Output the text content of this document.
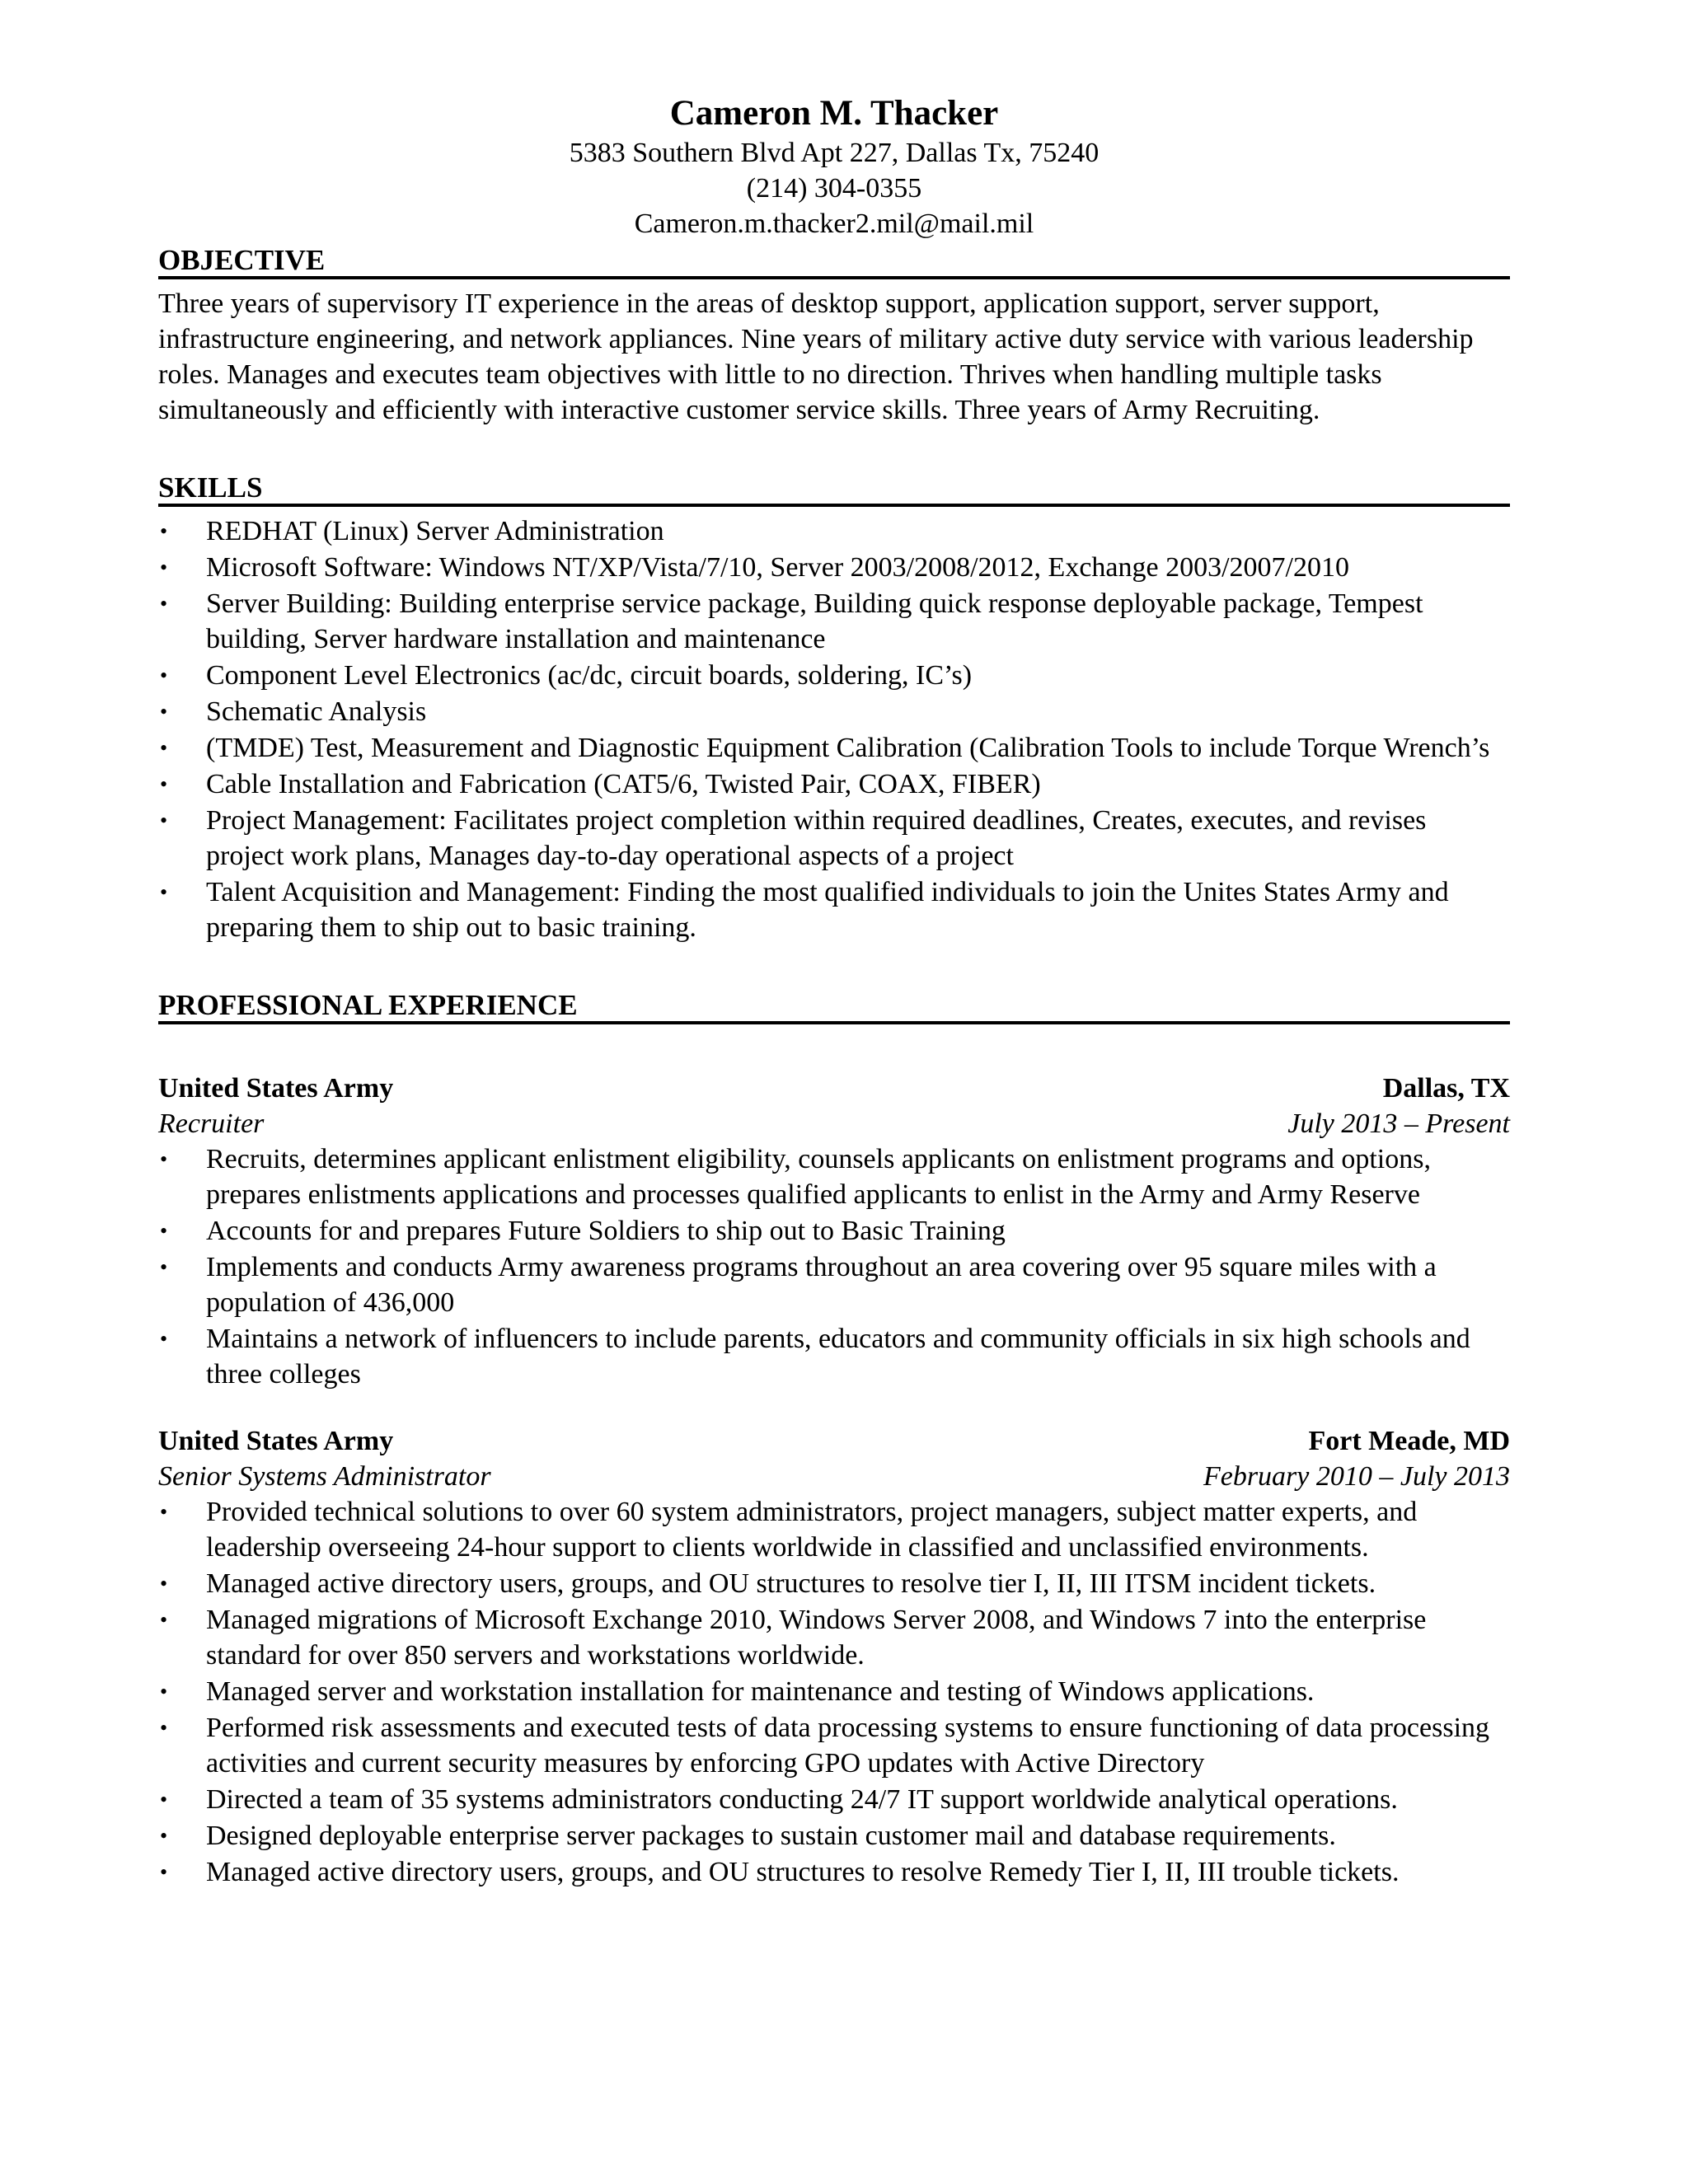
Cameron M. Thacker
5383 Southern Blvd Apt 227, Dallas Tx, 75240
(214) 304-0355
Cameron.m.thacker2.mil@mail.mil
OBJECTIVE

Three years of supervisory IT experience in the areas of desktop support, application support, server support, infrastructure engineering, and network appliances. Nine years of military active duty service with various leadership roles. Manages and executes team objectives with little to no direction. Thrives when handling multiple tasks simultaneously and efficiently with interactive customer service skills. Three years of Army Recruiting.

SKILLS
• REDHAT (Linux) Server Administration
• Microsoft Software: Windows NT/XP/Vista/7/10, Server 2003/2008/2012, Exchange 2003/2007/2010
• Server Building: Building enterprise service package, Building quick response deployable package, Tempest building, Server hardware installation and maintenance
• Component Level Electronics (ac/dc, circuit boards, soldering, IC’s)
• Schematic Analysis
• (TMDE) Test, Measurement and Diagnostic Equipment Calibration (Calibration Tools to include Torque Wrench’s
• Cable Installation and Fabrication (CAT5/6, Twisted Pair, COAX, FIBER)
• Project Management: Facilitates project completion within required deadlines, Creates, executes, and revises project work plans, Manages day-to-day operational aspects of a project
• Talent Acquisition and Management: Finding the most qualified individuals to join the Unites States Army and preparing them to ship out to basic training.
PROFESSIONAL EXPERIENCE
United States Army	Dallas, TX
Recruiter	July 2013 – Present
• Recruits, determines applicant enlistment eligibility, counsels applicants on enlistment programs and options, prepares enlistments applications and processes qualified applicants to enlist in the Army and Army Reserve
• Accounts for and prepares Future Soldiers to ship out to Basic Training
• Implements and conducts Army awareness programs throughout an area covering over 95 square miles with a population of 436,000
• Maintains a network of influencers to include parents, educators and community officials in six high schools and three colleges
United States Army	Fort Meade, MD
Senior Systems Administrator	February 2010 – July 2013
• Provided technical solutions to over 60 system administrators, project managers, subject matter experts, and leadership overseeing 24-hour support to clients worldwide in classified and unclassified environments.
• Managed active directory users, groups, and OU structures to resolve tier I, II, III ITSM incident tickets.
• Managed migrations of Microsoft Exchange 2010, Windows Server 2008, and Windows 7 into the enterprise standard for over 850 servers and workstations worldwide.
• Managed server and workstation installation for maintenance and testing of Windows applications.
• Performed risk assessments and executed tests of data processing systems to ensure functioning of data processing activities and current security measures by enforcing GPO updates with Active Directory
• Directed a team of 35 systems administrators conducting 24/7 IT support worldwide analytical operations.
• Designed deployable enterprise server packages to sustain customer mail and database requirements.
• Managed active directory users, groups, and OU structures to resolve Remedy Tier I, II, III trouble tickets.
